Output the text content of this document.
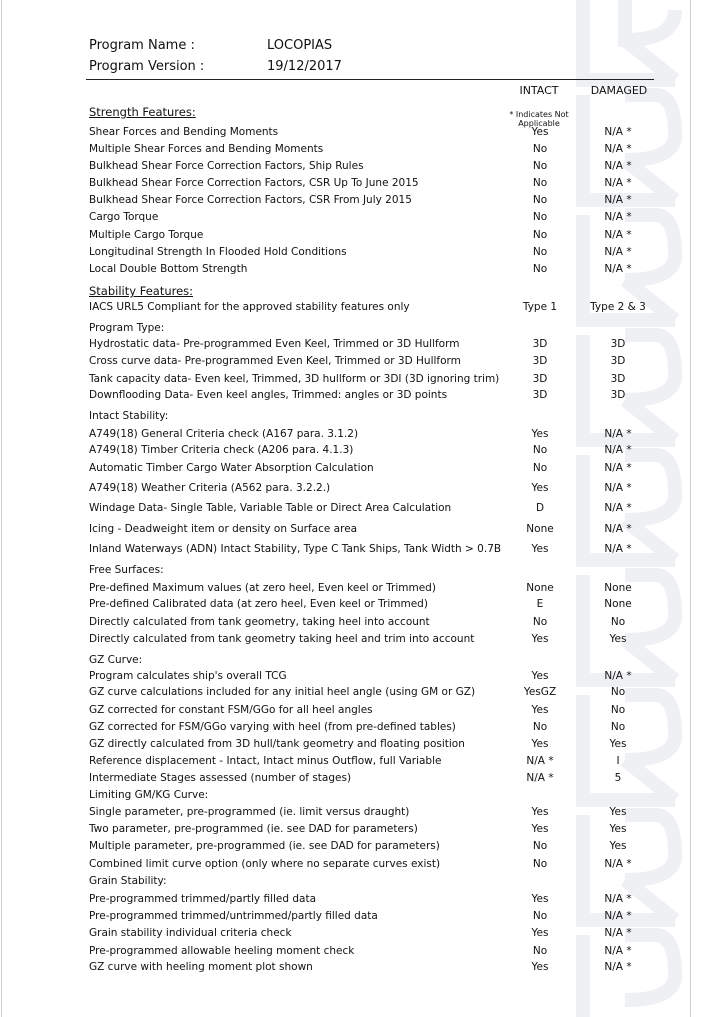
Program Name :	LOCOPIAS
Program Version :	19/12/2017
INTACT	DAMAGED
* Indicates Not Applicable
Strength Features:
Shear Forces and Bending Moments	Yes	N/A *
Multiple Shear Forces and Bending Moments	No	N/A *
Bulkhead Shear Force Correction Factors, Ship Rules	No	N/A *
Bulkhead Shear Force Correction Factors, CSR Up To June 2015	No	N/A *
Bulkhead Shear Force Correction Factors, CSR From July 2015	No	N/A *
Cargo Torque	No	N/A *
Multiple Cargo Torque	No	N/A *
Longitudinal Strength In Flooded Hold Conditions	No	N/A *
Local Double Bottom Strength	No	N/A *
Stability Features:
IACS URL5 Compliant for the approved stability features only	Type 1	Type 2 & 3
Program Type:
Hydrostatic data- Pre-programmed Even Keel, Trimmed or 3D Hullform	3D	3D
Cross curve data- Pre-programmed Even Keel, Trimmed or 3D Hullform	3D	3D
Tank capacity data- Even keel, Trimmed, 3D hullform or 3DI (3D ignoring trim)	3D	3D
Downflooding Data- Even keel angles, Trimmed: angles or 3D points	3D	3D
Intact Stability:
A749(18) General Criteria check (A167 para. 3.1.2)	Yes	N/A *
A749(18) Timber Criteria check (A206 para. 4.1.3)	No	N/A *
Automatic Timber Cargo Water Absorption Calculation	No	N/A *
A749(18) Weather Criteria (A562 para. 3.2.2.)	Yes	N/A *
Windage Data- Single Table, Variable Table or Direct Area Calculation	D	N/A *
Icing - Deadweight item or density on Surface area	None	N/A *
Inland Waterways (ADN) Intact Stability, Type C Tank Ships, Tank Width > 0.7B	Yes	N/A *
Free Surfaces:
Pre-defined Maximum values (at zero heel, Even keel or Trimmed)	None	None
Pre-defined Calibrated data (at zero heel, Even keel or Trimmed)	E	None
Directly calculated from tank geometry, taking heel into account	No	No
Directly calculated from tank geometry taking heel and trim into account	Yes	Yes
GZ Curve:
Program calculates ship's overall TCG	Yes	N/A *
GZ curve calculations included for any initial heel angle (using GM or GZ)	YesGZ	No
GZ corrected for constant FSM/GGo for all heel angles	Yes	No
GZ corrected for FSM/GGo varying with heel (from pre-defined tables)	No	No
GZ directly calculated from 3D hull/tank geometry and floating position	Yes	Yes
Reference displacement - Intact, Intact minus Outflow, full Variable	N/A *	I
Intermediate Stages assessed (number of stages)	N/A *	5
Limiting GM/KG Curve:
Single parameter, pre-programmed (ie. limit versus draught)	Yes	Yes
Two parameter, pre-programmed (ie. see DAD for parameters)	Yes	Yes
Multiple parameter, pre-programmed (ie. see DAD for parameters)	No	Yes
Combined limit curve option (only where no separate curves exist)	No	N/A *
Grain Stability:
Pre-programmed trimmed/partly filled data	Yes	N/A *
Pre-programmed trimmed/untrimmed/partly filled data	No	N/A *
Grain stability individual criteria check	Yes	N/A *
Pre-programmed allowable heeling moment check	No	N/A *
GZ curve with heeling moment plot shown	Yes	N/A *
